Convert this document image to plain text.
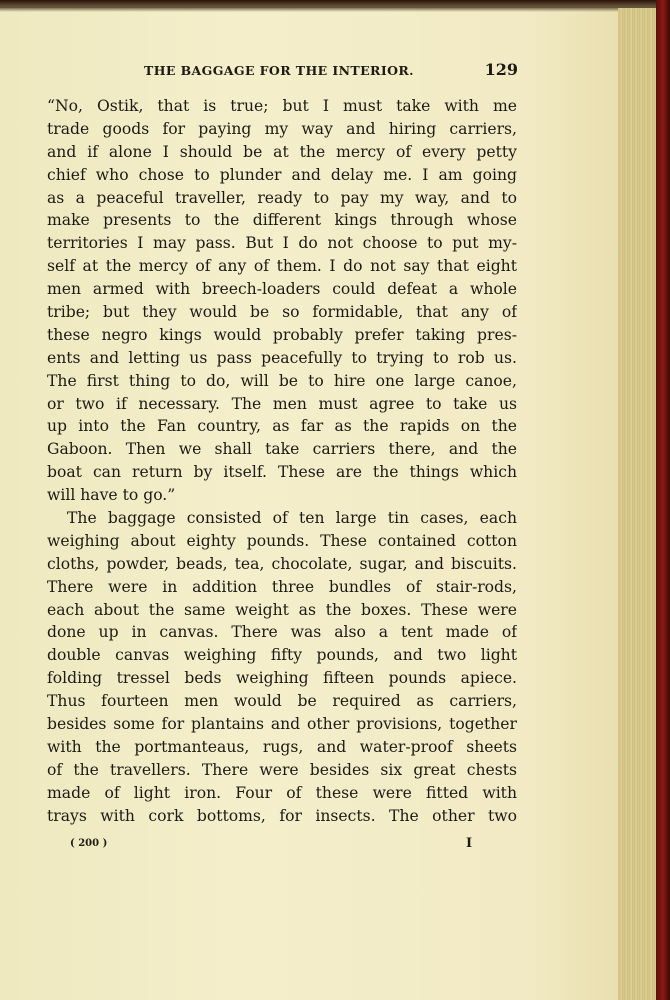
THE BAGGAGE FOR THE INTERIOR.	129
“No, Ostik, that is true; but I must take with me
trade goods for paying my way and hiring carriers,
and if alone I should be at the mercy of every petty
chief who chose to plunder and delay me. I am going
as a peaceful traveller, ready to pay my way, and to
make presents to the different kings through whose
territories I may pass. But I do not choose to put my-
self at the mercy of any of them. I do not say that eight
men armed with breech-loaders could defeat a whole
tribe; but they would be so formidable, that any of
these negro kings would probably prefer taking pres-
ents and letting us pass peacefully to trying to rob us.
The first thing to do, will be to hire one large canoe,
or two if necessary. The men must agree to take us
up into the Fan country, as far as the rapids on the
Gaboon. Then we shall take carriers there, and the
boat can return by itself. These are the things which
will have to go.”
The baggage consisted of ten large tin cases, each
weighing about eighty pounds. These contained cotton
cloths, powder, beads, tea, chocolate, sugar, and biscuits.
There were in addition three bundles of stair-rods,
each about the same weight as the boxes. These were
done up in canvas. There was also a tent made of
double canvas weighing fifty pounds, and two light
folding tressel beds weighing fifteen pounds apiece.
Thus fourteen men would be required as carriers,
besides some for plantains and other provisions, together
with the portmanteaus, rugs, and water-proof sheets
of the travellers. There were besides six great chests
made of light iron. Four of these were fitted with
trays with cork bottoms, for insects. The other two
( 200 )	I
